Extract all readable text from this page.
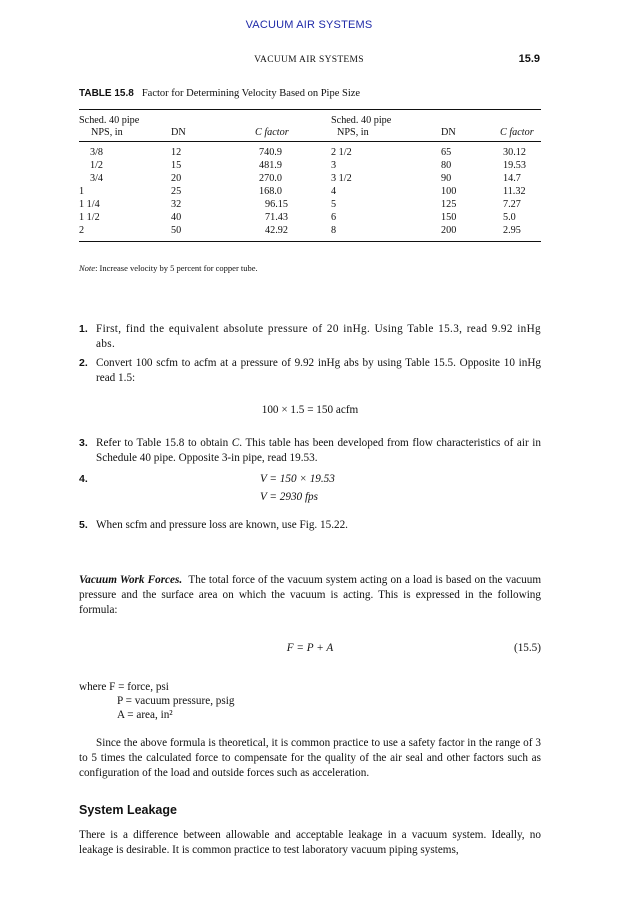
VACUUM AIR SYSTEMS
VACUUM AIR SYSTEMS	15.9
TABLE 15.8 Factor for Determining Velocity Based on Pipe Size
Sched. 40 pipe			Sched. 40 pipe		
NPS, in	DN	C factor	NPS, in	DN	C factor
3/8	12	740.9	2 1/2	65	30.12
1/2	15	481.9	3	80	19.53
3/4	20	270.0	3 1/2	90	14.7
1	25	168.0	4	100	11.32
1 1/4	32	96.15	5	125	7.27
1 1/2	40	71.43	6	150	5.0
2	50	42.92	8	200	2.95
Note: Increase velocity by 5 percent for copper tube.
1. First, find the equivalent absolute pressure of 20 inHg. Using Table 15.3, read 9.92 inHg abs.
2. Convert 100 scfm to acfm at a pressure of 9.92 inHg abs by using Table 15.5. Opposite 10 inHg read 1.5:
100 × 1.5 = 150 acfm
3. Refer to Table 15.8 to obtain C. This table has been developed from flow characteristics of air in Schedule 40 pipe. Opposite 3-in pipe, read 19.53.
4.	V = 150 × 19.53
V = 2930 fps
5. When scfm and pressure loss are known, use Fig. 15.22.
Vacuum Work Forces. The total force of the vacuum system acting on a load is based on the vacuum pressure and the surface area on which the vacuum is acting. This is expressed in the following formula:
F = P + A	(15.5)
where F = force, psi
P = vacuum pressure, psig
A = area, in²
Since the above formula is theoretical, it is common practice to use a safety factor in the range of 3 to 5 times the calculated force to compensate for the quality of the air seal and other factors such as configuration of the load and outside forces such as acceleration.
System Leakage
There is a difference between allowable and acceptable leakage in a vacuum system. Ideally, no leakage is desirable. It is common practice to test laboratory vacuum piping systems,
